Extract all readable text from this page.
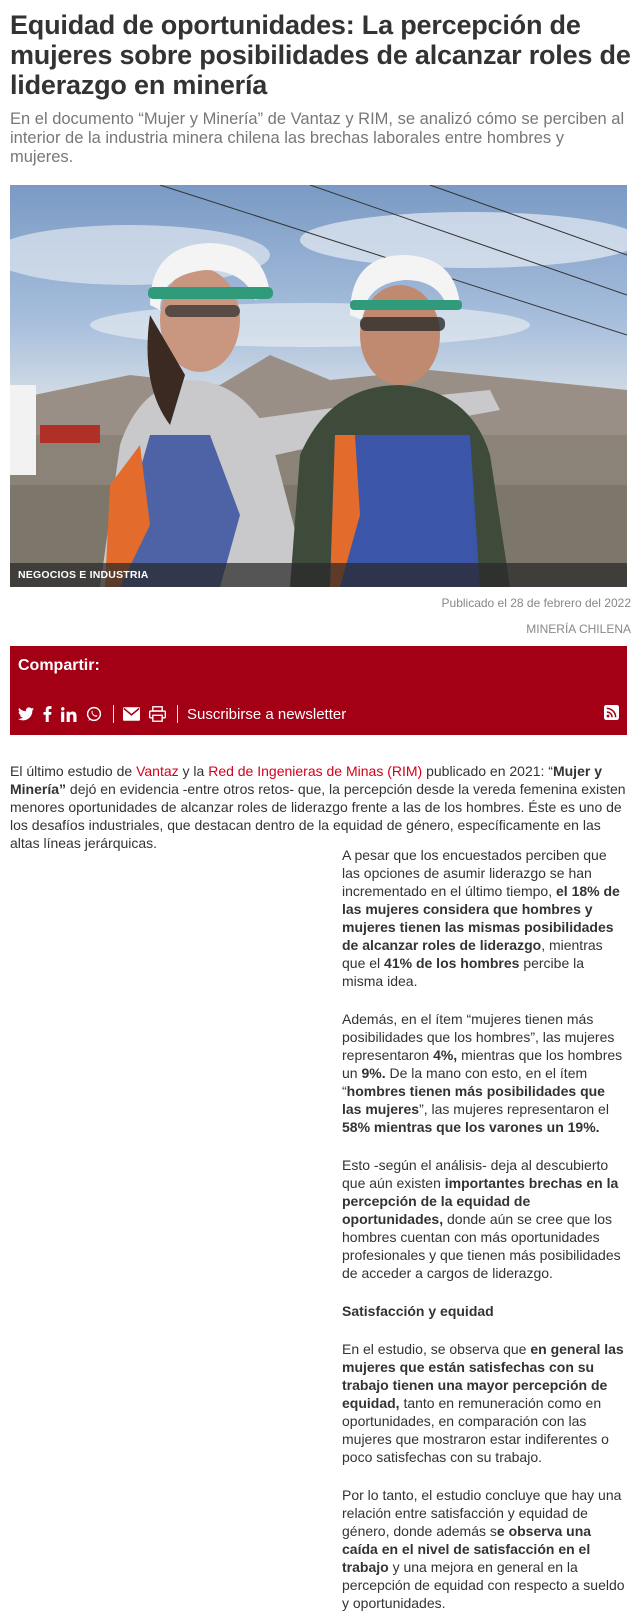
Equidad de oportunidades: La percepción de mujeres sobre posibilidades de alcanzar roles de liderazgo en minería

En el documento “Mujer y Minería” de Vantaz y RIM, se analizó cómo se perciben al interior de la industria minera chilena las brechas laborales entre hombres y mujeres.

NEGOCIOS E INDUSTRIA
Publicado el 28 de febrero del 2022
MINERÍA CHILENA
Compartir:
Suscribirse a newsletter

El último estudio de Vantaz y la Red de Ingenieras de Minas (RIM) publicado en 2021: “Mujer y Minería” dejó en evidencia -entre otros retos- que, la percepción desde la vereda femenina existen menores oportunidades de alcanzar roles de liderazgo frente a las de los hombres. Éste es uno de los desafíos industriales, que destacan dentro de la equidad de género, específicamente en las altas líneas jerárquicas.

A pesar que los encuestados perciben que las opciones de asumir liderazgo se han incrementado en el último tiempo, el 18% de las mujeres considera que hombres y mujeres tienen las mismas posibilidades de alcanzar roles de liderazgo, mientras que el 41% de los hombres percibe la misma idea.

Además, en el ítem “mujeres tienen más posibilidades que los hombres”, las mujeres representaron 4%, mientras que los hombres un 9%. De la mano con esto, en el ítem “hombres tienen más posibilidades que las mujeres”, las mujeres representaron el 58% mientras que los varones un 19%.

Esto -según el análisis- deja al descubierto que aún existen importantes brechas en la percepción de la equidad de oportunidades, donde aún se cree que los hombres cuentan con más oportunidades profesionales y que tienen más posibilidades de acceder a cargos de liderazgo.

Satisfacción y equidad

En el estudio, se observa que en general las mujeres que están satisfechas con su trabajo tienen una mayor percepción de equidad, tanto en remuneración como en oportunidades, en comparación con las mujeres que mostraron estar indiferentes o poco satisfechas con su trabajo.

Por lo tanto, el estudio concluye que hay una relación entre satisfacción y equidad de género, donde además se observa una caída en el nivel de satisfacción en el trabajo y una mejora en general en la percepción de equidad con respecto a sueldo y oportunidades.
